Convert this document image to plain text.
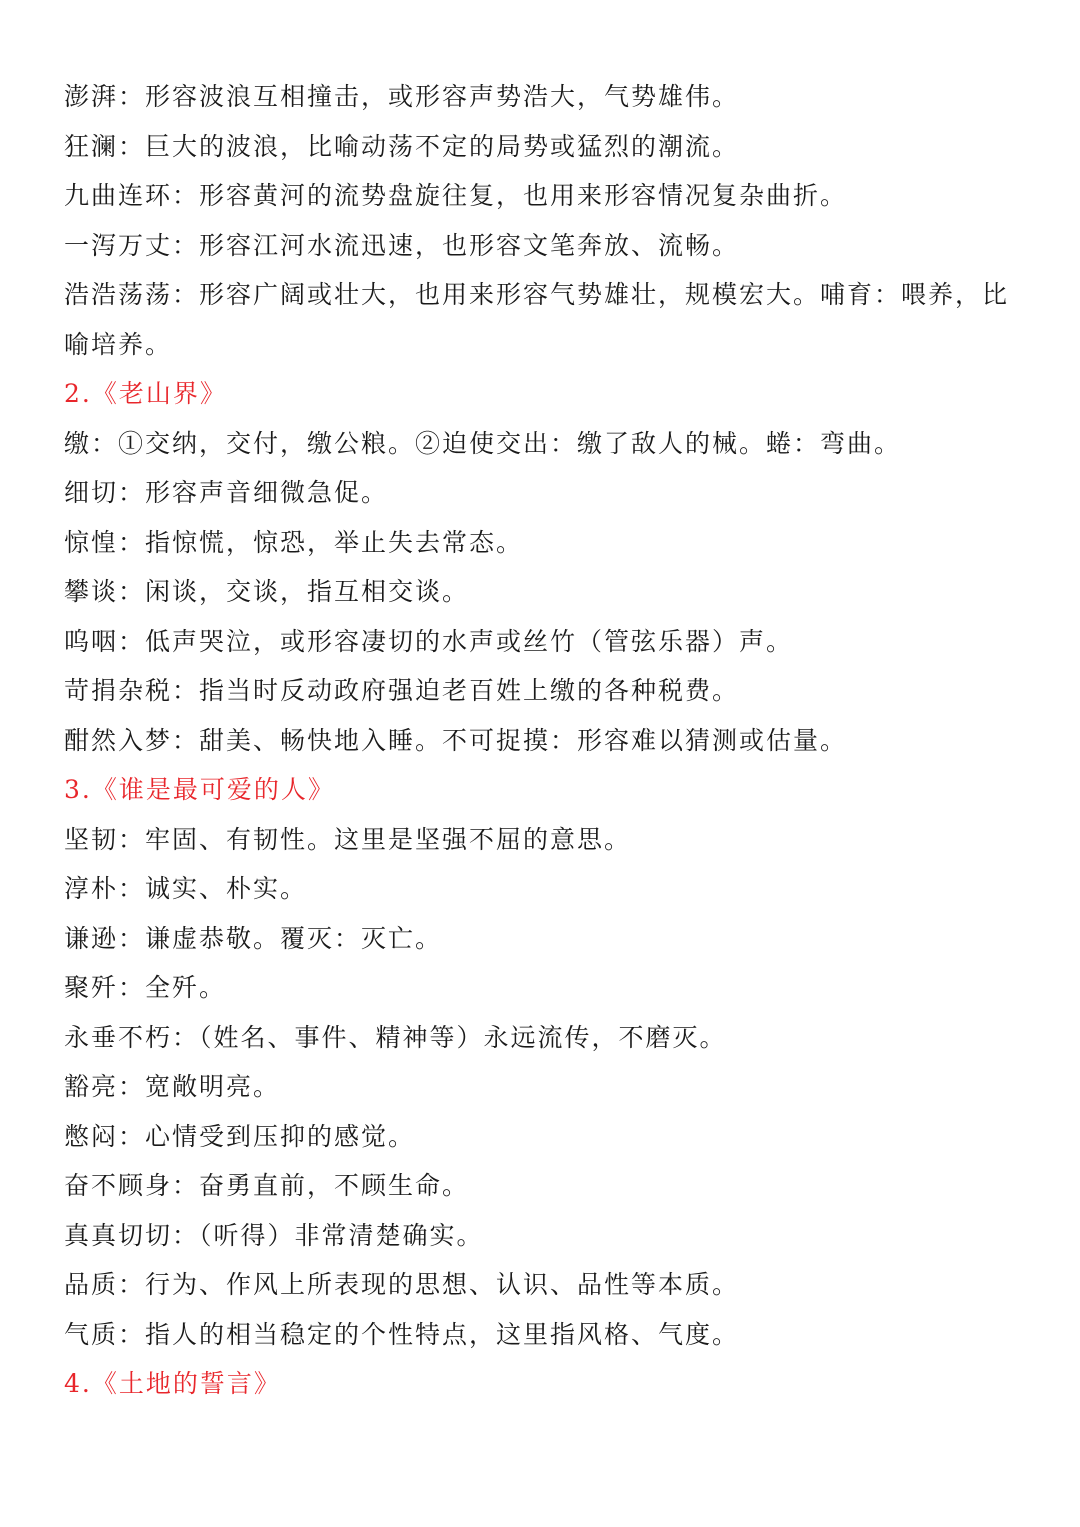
澎湃：形容波浪互相撞击，或形容声势浩大，气势雄伟。
狂澜：巨大的波浪，比喻动荡不定的局势或猛烈的潮流。
九曲连环：形容黄河的流势盘旋往复，也用来形容情况复杂曲折。
一泻万丈：形容江河水流迅速，也形容文笔奔放、流畅。
浩浩荡荡：形容广阔或壮大，也用来形容气势雄壮，规模宏大。哺育：喂养，比
喻培养。
2.《老山界》
缴：①交纳，交付，缴公粮。②迫使交出：缴了敌人的械。蜷：弯曲。
细切：形容声音细微急促。
惊惶：指惊慌，惊恐，举止失去常态。
攀谈：闲谈，交谈，指互相交谈。
呜咽：低声哭泣，或形容凄切的水声或丝竹（管弦乐器）声。
苛捐杂税：指当时反动政府强迫老百姓上缴的各种税费。
酣然入梦：甜美、畅快地入睡。不可捉摸：形容难以猜测或估量。
3.《谁是最可爱的人》
坚韧：牢固、有韧性。这里是坚强不屈的意思。
淳朴：诚实、朴实。
谦逊：谦虚恭敬。覆灭：灭亡。
聚歼：全歼。
永垂不朽：（姓名、事件、精神等）永远流传，不磨灭。
豁亮：宽敞明亮。
憋闷：心情受到压抑的感觉。
奋不顾身：奋勇直前，不顾生命。
真真切切：（听得）非常清楚确实。
品质：行为、作风上所表现的思想、认识、品性等本质。
气质：指人的相当稳定的个性特点，这里指风格、气度。
4.《土地的誓言》
